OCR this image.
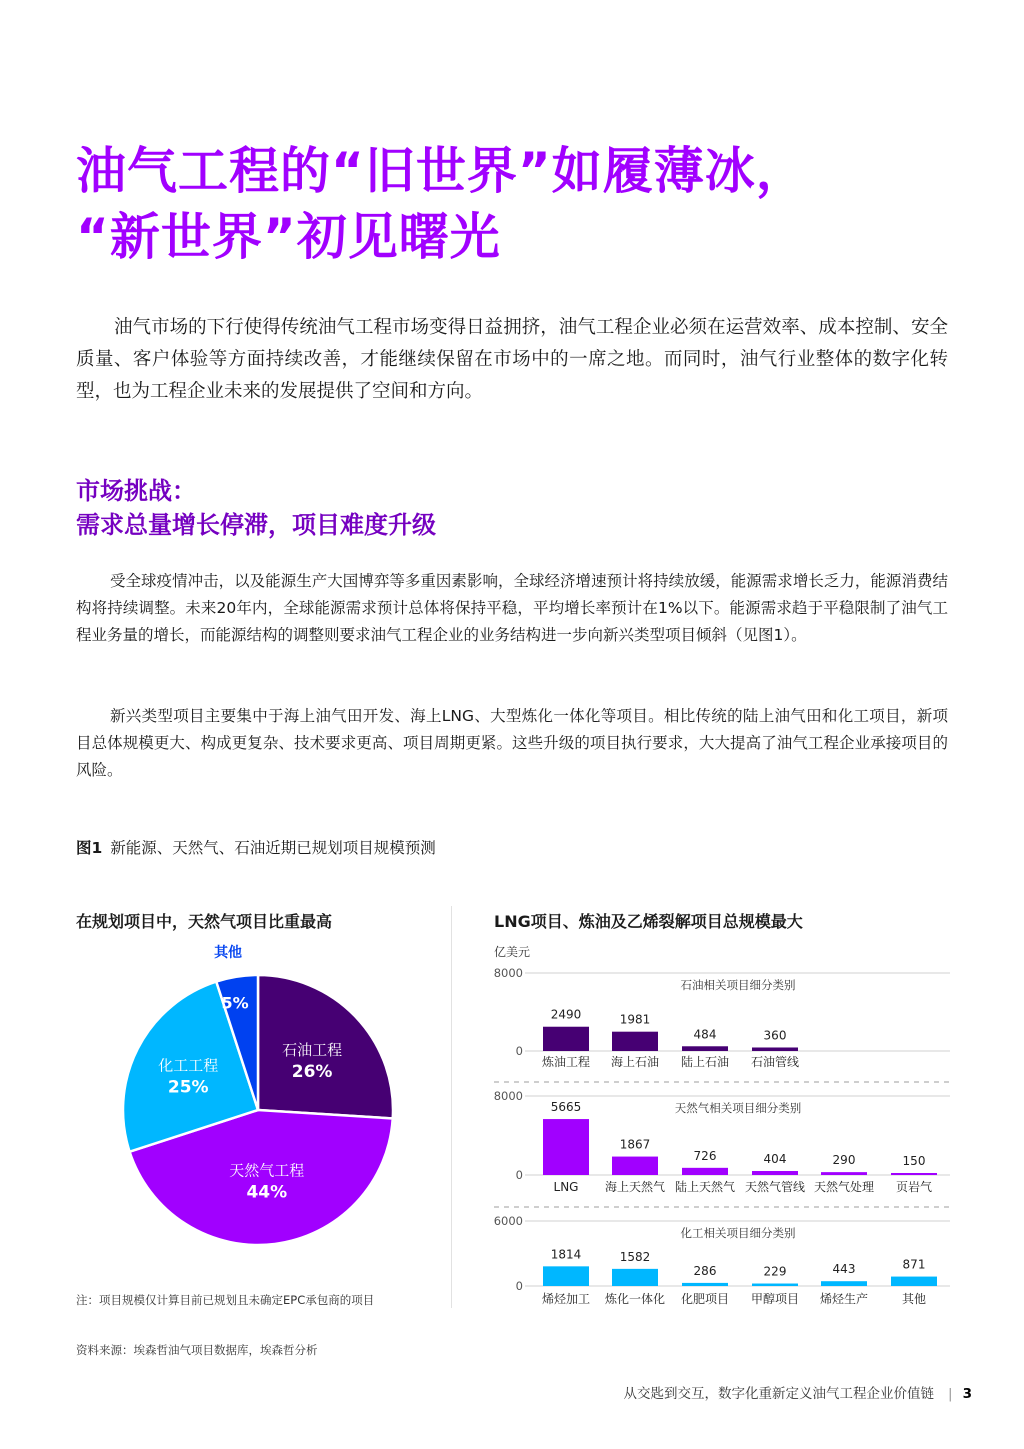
油气工程的“旧世界”如履薄冰，
“新世界”初见曙光
油气市场的下行使得传统油气工程市场变得日益拥挤，油气工程企业必须在运营效率、成本控制、安全质量、客户体验等方面持续改善，才能继续保留在市场中的一席之地。而同时，油气行业整体的数字化转型，也为工程企业未来的发展提供了空间和方向。
市场挑战：
需求总量增长停滞，项目难度升级
受全球疫情冲击，以及能源生产大国博弈等多重因素影响，全球经济增速预计将持续放缓，能源需求增长乏力，能源消费结构将持续调整。未来20年内，全球能源需求预计总体将保持平稳，平均增长率预计在1%以下。能源需求趋于平稳限制了油气工程业务量的增长，而能源结构的调整则要求油气工程企业的业务结构进一步向新兴类型项目倾斜（见图1）。
新兴类型项目主要集中于海上油气田开发、海上LNG、大型炼化一体化等项目。相比传统的陆上油气田和化工项目，新项目总体规模更大、构成更复杂、技术要求更高、项目周期更紧。这些升级的项目执行要求，大大提高了油气工程企业承接项目的风险。
图1 新能源、天然气、石油近期已规划项目规模预测
在规划项目中，天然气项目比重最高
石油工程
26%
天然气工程
44%
化工工程
25%
5%
其他
LNG项目、炼油及乙烯裂解项目总规模最大
亿美元
8000
0
石油相关项目细分类别
2490
炼油工程
1981
海上石油
484
陆上石油
360
石油管线
8000
0
天然气相关项目细分类别
5665
LNG
1867
海上天然气
726
陆上天然气
404
天然气管线
290
天然气处理
150
页岩气
6000
0
化工相关项目细分类别
1814
烯烃加工
1582
炼化一体化
286
化肥项目
229
甲醇项目
443
烯烃生产
871
其他
注：项目规模仅计算目前已规划且未确定EPC承包商的项目
资料来源：埃森哲油气项目数据库，埃森哲分析
从交匙到交互，数字化重新定义油气工程企业价值链 | 3
